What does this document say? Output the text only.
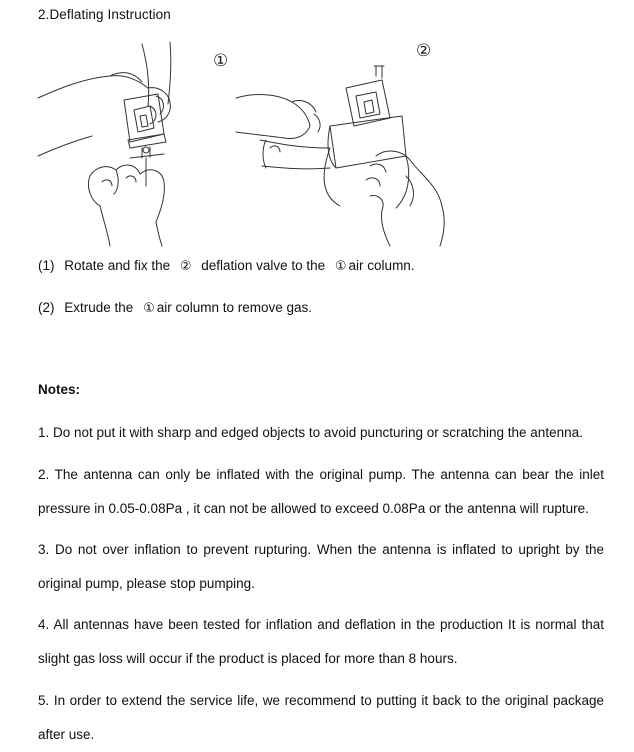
2.Deflating Instruction
①	②
(1) Rotate and fix the ② deflation valve to the ① air column.
(2) Extrude the ① air column to remove gas.
Notes:
1. Do not put it with sharp and edged objects to avoid puncturing or scratching the antenna.
2. The antenna can only be inflated with the original pump. The antenna can bear the inlet pressure in 0.05-0.08Pa , it can not be allowed to exceed 0.08Pa or the antenna will rupture.
3. Do not over inflation to prevent rupturing. When the antenna is inflated to upright by the original pump, please stop pumping.
4. All antennas have been tested for inflation and deflation in the production It is normal that slight gas loss will occur if the product is placed for more than 8 hours.
5. In order to extend the service life, we recommend to putting it back to the original package after use.
